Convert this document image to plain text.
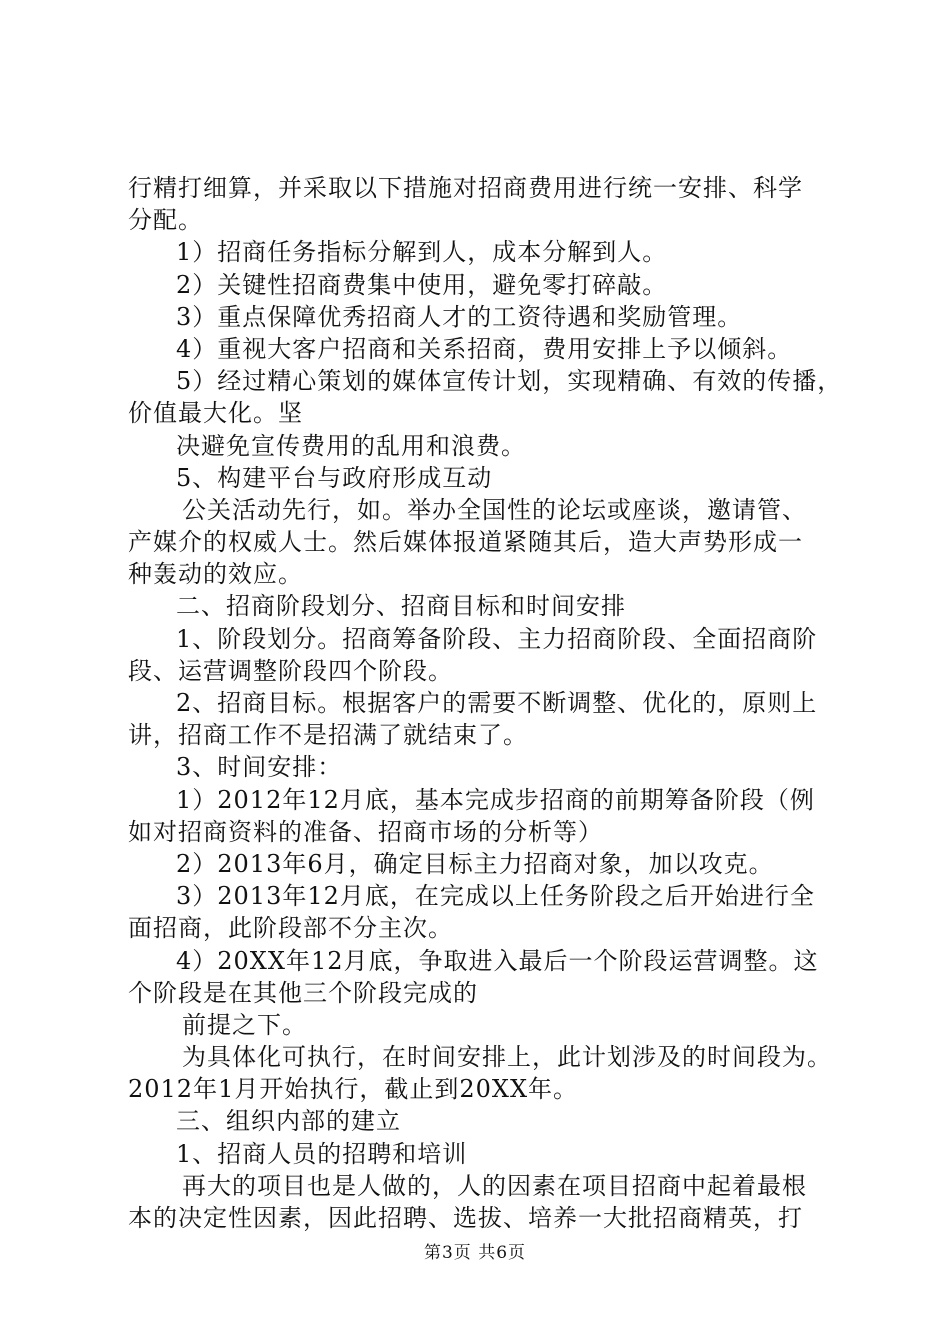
行精打细算，并采取以下措施对招商费用进行统一安排、科学
分配。
1）招商任务指标分解到人，成本分解到人。
2）关键性招商费集中使用，避免零打碎敲。
3）重点保障优秀招商人才的工资待遇和奖励管理。
4）重视大客户招商和关系招商，费用安排上予以倾斜。
5）经过精心策划的媒体宣传计划，实现精确、有效的传播，
价值最大化。坚
决避免宣传费用的乱用和浪费。
5、构建平台与政府形成互动
公关活动先行，如。举办全国性的论坛或座谈，邀请管、
产媒介的权威人士。然后媒体报道紧随其后，造大声势形成一
种轰动的效应。
二、招商阶段划分、招商目标和时间安排
1、阶段划分。招商筹备阶段、主力招商阶段、全面招商阶
段、运营调整阶段四个阶段。
2、招商目标。根据客户的需要不断调整、优化的，原则上
讲，招商工作不是招满了就结束了。
3、时间安排：
1）2012年12月底，基本完成步招商的前期筹备阶段（例
如对招商资料的准备、招商市场的分析等）
2）2013年6月，确定目标主力招商对象，加以攻克。
3）2013年12月底，在完成以上任务阶段之后开始进行全
面招商，此阶段部不分主次。
4）20XX年12月底，争取进入最后一个阶段运营调整。这
个阶段是在其他三个阶段完成的
前提之下。
为具体化可执行，在时间安排上，此计划涉及的时间段为。
2012年1月开始执行，截止到20XX年。
三、组织内部的建立
1、招商人员的招聘和培训
再大的项目也是人做的，人的因素在项目招商中起着最根
本的决定性因素，因此招聘、选拔、培养一大批招商精英，打
第3页 共6页
